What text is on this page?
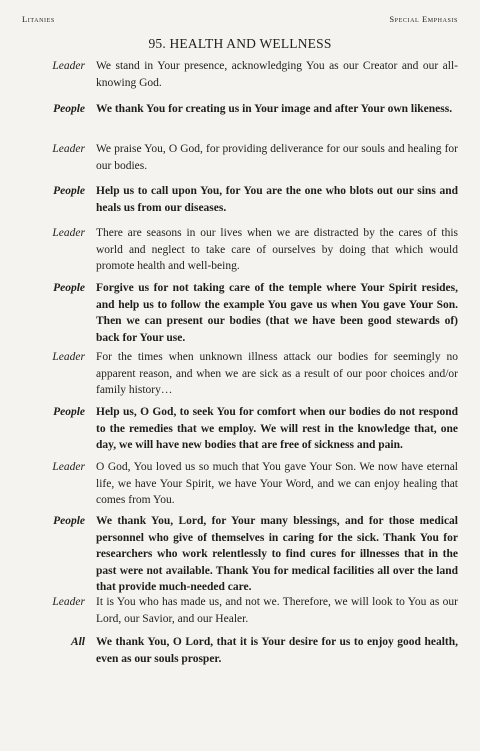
Litanies	Special Emphasis
95. HEALTH AND WELLNESS
Leader We stand in Your presence, acknowledging You as our Creator and our all-knowing God.
People We thank You for creating us in Your image and after Your own likeness.
Leader We praise You, O God, for providing deliverance for our souls and healing for our bodies.
People Help us to call upon You, for You are the one who blots out our sins and heals us from our diseases.
Leader There are seasons in our lives when we are distracted by the cares of this world and neglect to take care of ourselves by doing that which would promote health and well-being.
People Forgive us for not taking care of the temple where Your Spirit resides, and help us to follow the example You gave us when You gave Your Son. Then we can present our bodies (that we have been good stewards of) back for Your use.
Leader For the times when unknown illness attack our bodies for seemingly no apparent reason, and when we are sick as a result of our poor choices and/or family history…
People Help us, O God, to seek You for comfort when our bodies do not respond to the remedies that we employ. We will rest in the knowledge that, one day, we will have new bodies that are free of sickness and pain.
Leader O God, You loved us so much that You gave Your Son. We now have eternal life, we have Your Spirit, we have Your Word, and we can enjoy healing that comes from You.
People We thank You, Lord, for Your many blessings, and for those medical personnel who give of themselves in caring for the sick. Thank You for researchers who work relentlessly to find cures for illnesses that in the past were not available. Thank You for medical facilities all over the land that provide much-needed care.
Leader It is You who has made us, and not we. Therefore, we will look to You as our Lord, our Savior, and our Healer.
All We thank You, O Lord, that it is Your desire for us to enjoy good health, even as our souls prosper.
